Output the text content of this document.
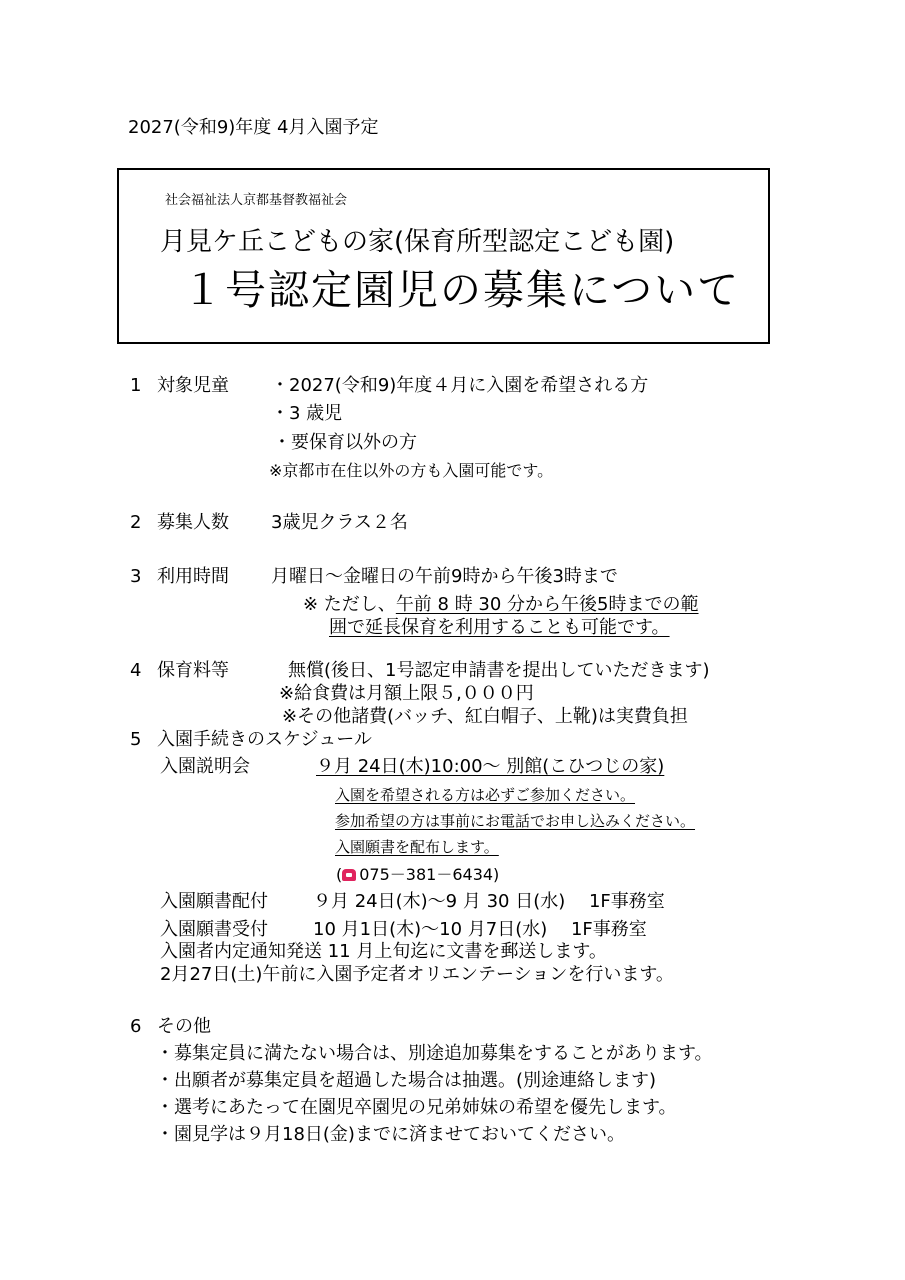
2027(令和9)年度 4月入園予定
社会福祉法人京都基督教福祉会
月見ケ丘こどもの家(保育所型認定こども園)
１号認定園児の募集について
1 対象児童 ・2027(令和9)年度４月に入園を希望される方
・3 歳児
・要保育以外の方
※京都市在住以外の方も入園可能です。
2 募集人数 3歳児クラス２名
3 利用時間 月曜日～金曜日の午前9時から午後3時まで
※ ただし、午前 8 時 30 分から午後5時までの範
囲で延長保育を利用することも可能です。
4 保育料等	無償(後日、1号認定申請書を提出していただきます)
※給食費は月額上限５,０００円
※その他諸費(バッチ、紅白帽子、上靴)は実費負担
5 入園手続きのスケジュール
入園説明会	９月 24日(木)10:00～ 別館(こひつじの家)
入園を希望される方は必ずご参加ください。
参加希望の方は事前にお電話でお申し込みください。
入園願書を配布します。
( 075－381－6434)
入園願書配付	９月 24日(木)～9 月 30 日(水)　 1F事務室
入園願書受付	10 月1日(木)～10 月7日(水)　 1F事務室
入園者内定通知発送 11 月上旬迄に文書を郵送します。
2月27日(土)午前に入園予定者オリエンテーションを行います。
6 その他
・募集定員に満たない場合は、別途追加募集をすることがあります。
・出願者が募集定員を超過した場合は抽選。(別途連絡します)
・選考にあたって在園児卒園児の兄弟姉妹の希望を優先します。
・園見学は９月18日(金)までに済ませておいてください。
